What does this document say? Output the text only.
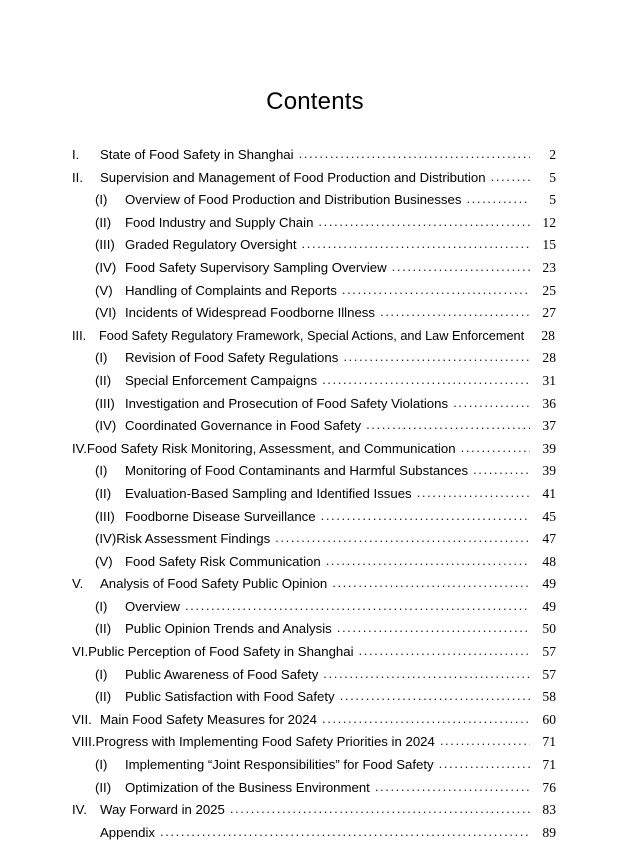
Contents
I.	State of Food Safety in Shanghai .....	2
II.	Supervision and Management of Food Production and Distribution .....	5
(I)	Overview of Food Production and Distribution Businesses .....	5
(II)	Food Industry and Supply Chain .....	12
(III) Graded Regulatory Oversight .....	15
(IV) Food Safety Supervisory Sampling Overview .....	23
(V) Handling of Complaints and Reports .....	25
(VI) Incidents of Widespread Foodborne Illness .....	27
III. Food Safety Regulatory Framework, Special Actions, and Law Enforcement	28
(I)	Revision of Food Safety Regulations .....	28
(II)	Special Enforcement Campaigns .....	31
(III) Investigation and Prosecution of Food Safety Violations .....	36
(IV) Coordinated Governance in Food Safety .....	37
IV. Food Safety Risk Monitoring, Assessment, and Communication .....	39
(I)	Monitoring of Food Contaminants and Harmful Substances .....	39
(II)	Evaluation-Based Sampling and Identified Issues .....	41
(III) Foodborne Disease Surveillance .....	45
(IV) Risk Assessment Findings .....	47
(V) Food Safety Risk Communication .....	48
V.	Analysis of Food Safety Public Opinion .....	49
(I)	Overview .....	49
(II)	Public Opinion Trends and Analysis .....	50
VI. Public Perception of Food Safety in Shanghai .....	57
(I)	Public Awareness of Food Safety .....	57
(II)	Public Satisfaction with Food Safety .....	58
VII. Main Food Safety Measures for 2024 .....	60
VIII. Progress with Implementing Food Safety Priorities in 2024 .....	71
(I)	Implementing “Joint Responsibilities” for Food Safety .....	71
(II)	Optimization of the Business Environment .....	76
IV. Way Forward in 2025 .....	83
Appendix .....	89
